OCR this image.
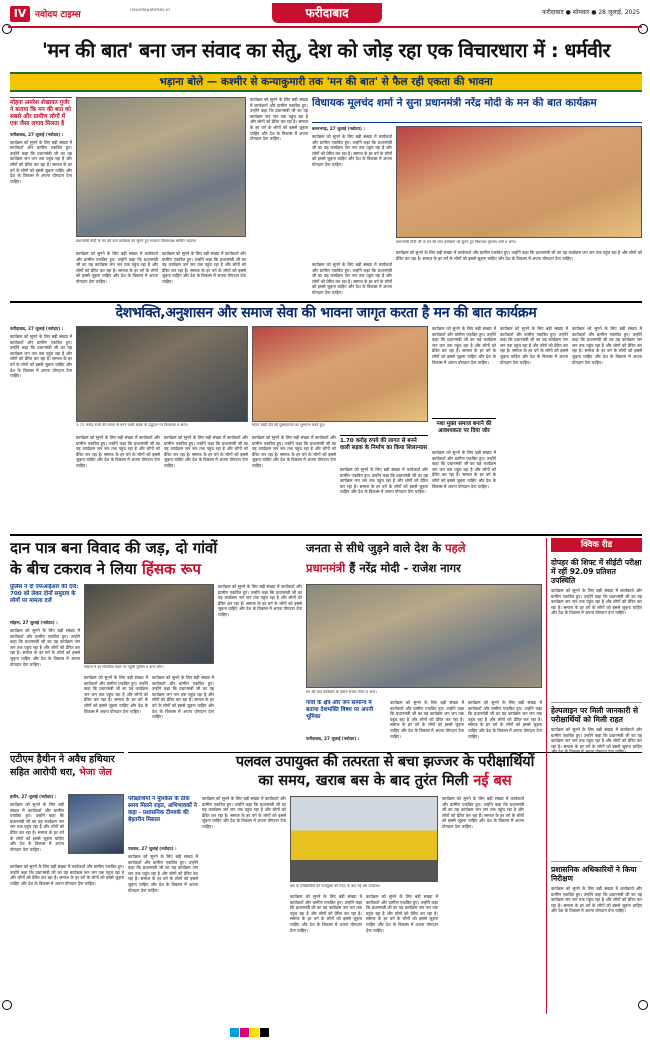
IV नवोदय टाइम्स	navodayatimes.in	फरीदाबाद	फरीदाबाद ● सोमवार ● 28 जुलाई, 2025
'मन की बात' बना जन संवाद का सेतु, देश को जोड़ रहा एक विचारधारा में : धर्मवीर
भड़ाना बोले — कश्मीर से कन्याकुमारी तक 'मन की बात' से फैल रही एकता की भावना
मोहना अमरेश शेखावत गुर्जर ने बताया कि मन की बात को सबसे और ग्रामीण लोगों में एक जैसा लगाव मिलता है
फरीदाबाद, 27 जुलाई (नवोदय) :
कार्यक्रम को सुनने के लिए बड़ी संख्या में कार्यकर्ता और ग्रामीण एकत्रित हुए। उन्होंने कहा कि प्रधानमंत्री जी का यह कार्यक्रम जन जन तक पहुंच रहा है और लोगों को प्रेरित कर रहा है। समाज के हर वर्ग के लोगों को इससे जुड़ना चाहिए और देश के विकास में अपना योगदान देना चाहिए।
प्रधानमंत्री मोदी के मन की बात कार्यक्रम को सुनते हुए भाजपा जिलाध्यक्ष धर्मवीर भड़ाना।
कार्यक्रम को सुनने के लिए बड़ी संख्या में कार्यकर्ता और ग्रामीण एकत्रित हुए। उन्होंने कहा कि प्रधानमंत्री जी का यह कार्यक्रम जन जन तक पहुंच रहा है और लोगों को प्रेरित कर रहा है। समाज के हर वर्ग के लोगों को इससे जुड़ना चाहिए और देश के विकास में अपना योगदान देना चाहिए।
कार्यक्रम को सुनने के लिए बड़ी संख्या में कार्यकर्ता और ग्रामीण एकत्रित हुए। उन्होंने कहा कि प्रधानमंत्री जी का यह कार्यक्रम जन जन तक पहुंच रहा है और लोगों को प्रेरित कर रहा है। समाज के हर वर्ग के लोगों को इससे जुड़ना चाहिए और देश के विकास में अपना योगदान देना चाहिए।
कार्यक्रम को सुनने के लिए बड़ी संख्या में कार्यकर्ता और ग्रामीण एकत्रित हुए। उन्होंने कहा कि प्रधानमंत्री जी का यह कार्यक्रम जन जन तक पहुंच रहा है और लोगों को प्रेरित कर रहा है। समाज के हर वर्ग के लोगों को इससे जुड़ना चाहिए और देश के विकास में अपना योगदान देना चाहिए।
विधायक मूलचंद शर्मा ने सुना प्रधानमंत्री नरेंद्र मोदी के मन की बात कार्यक्रम
बल्लभगढ़, 27 जुलाई (नवोदय) :
कार्यक्रम को सुनने के लिए बड़ी संख्या में कार्यकर्ता और ग्रामीण एकत्रित हुए। उन्होंने कहा कि प्रधानमंत्री जी का यह कार्यक्रम जन जन तक पहुंच रहा है और लोगों को प्रेरित कर रहा है। समाज के हर वर्ग के लोगों को इससे जुड़ना चाहिए और देश के विकास में अपना योगदान देना चाहिए।
कार्यक्रम को सुनने के लिए बड़ी संख्या में कार्यकर्ता और ग्रामीण एकत्रित हुए। उन्होंने कहा कि प्रधानमंत्री जी का यह कार्यक्रम जन जन तक पहुंच रहा है और लोगों को प्रेरित कर रहा है। समाज के हर वर्ग के लोगों को इससे जुड़ना चाहिए और देश के विकास में अपना योगदान देना चाहिए।
प्रधानमंत्री मोदी जी के मन की बात कार्यक्रम को सुनते हुए विधायक मूलचंद शर्मा व अन्य।
कार्यक्रम को सुनने के लिए बड़ी संख्या में कार्यकर्ता और ग्रामीण एकत्रित हुए। उन्होंने कहा कि प्रधानमंत्री जी का यह कार्यक्रम जन जन तक पहुंच रहा है और लोगों को प्रेरित कर रहा है। समाज के हर वर्ग के लोगों को इससे जुड़ना चाहिए और देश के विकास में अपना योगदान देना चाहिए।
देशभक्ति,अनुशासन और समाज सेवा की भावना जागृत करता है मन की बात कार्यक्रम
फरीदाबाद, 27 जुलाई (नवोदय) :
कार्यक्रम को सुनने के लिए बड़ी संख्या में कार्यकर्ता और ग्रामीण एकत्रित हुए। उन्होंने कहा कि प्रधानमंत्री जी का यह कार्यक्रम जन जन तक पहुंच रहा है और लोगों को प्रेरित कर रहा है। समाज के हर वर्ग के लोगों को इससे जुड़ना चाहिए और देश के विकास में अपना योगदान देना चाहिए।
3.72 करोड़ रुपये की लागत से बनने वाली सड़क के उद्घाटन पर विधायक व अन्य।	मोहन खेड़ी दीप की पुस्तकालय का शुभारंभ करते हुए।
कार्यक्रम को सुनने के लिए बड़ी संख्या में कार्यकर्ता और ग्रामीण एकत्रित हुए। उन्होंने कहा कि प्रधानमंत्री जी का यह कार्यक्रम जन जन तक पहुंच रहा है और लोगों को प्रेरित कर रहा है। समाज के हर वर्ग के लोगों को इससे जुड़ना चाहिए और देश के विकास में अपना योगदान देना चाहिए।
कार्यक्रम को सुनने के लिए बड़ी संख्या में कार्यकर्ता और ग्रामीण एकत्रित हुए। उन्होंने कहा कि प्रधानमंत्री जी का यह कार्यक्रम जन जन तक पहुंच रहा है और लोगों को प्रेरित कर रहा है। समाज के हर वर्ग के लोगों को इससे जुड़ना चाहिए और देश के विकास में अपना योगदान देना चाहिए।
कार्यक्रम को सुनने के लिए बड़ी संख्या में कार्यकर्ता और ग्रामीण एकत्रित हुए। उन्होंने कहा कि प्रधानमंत्री जी का यह कार्यक्रम जन जन तक पहुंच रहा है और लोगों को प्रेरित कर रहा है। समाज के हर वर्ग के लोगों को इससे जुड़ना चाहिए और देश के विकास में अपना योगदान देना चाहिए।
1.70 करोड़ रुपये की लागत से बनने वाली सड़क के निर्माण का किया शिलान्यास
कार्यक्रम को सुनने के लिए बड़ी संख्या में कार्यकर्ता और ग्रामीण एकत्रित हुए। उन्होंने कहा कि प्रधानमंत्री जी का यह कार्यक्रम जन जन तक पहुंच रहा है और लोगों को प्रेरित कर रहा है। समाज के हर वर्ग के लोगों को इससे जुड़ना चाहिए और देश के विकास में अपना योगदान देना चाहिए।
कार्यक्रम को सुनने के लिए बड़ी संख्या में कार्यकर्ता और ग्रामीण एकत्रित हुए। उन्होंने कहा कि प्रधानमंत्री जी का यह कार्यक्रम जन जन तक पहुंच रहा है और लोगों को प्रेरित कर रहा है। समाज के हर वर्ग के लोगों को इससे जुड़ना चाहिए और देश के विकास में अपना योगदान देना चाहिए।
नशा मुक्त समाज बनाने की आवश्यकता पर दिया जोर
कार्यक्रम को सुनने के लिए बड़ी संख्या में कार्यकर्ता और ग्रामीण एकत्रित हुए। उन्होंने कहा कि प्रधानमंत्री जी का यह कार्यक्रम जन जन तक पहुंच रहा है और लोगों को प्रेरित कर रहा है। समाज के हर वर्ग के लोगों को इससे जुड़ना चाहिए और देश के विकास में अपना योगदान देना चाहिए।
कार्यक्रम को सुनने के लिए बड़ी संख्या में कार्यकर्ता और ग्रामीण एकत्रित हुए। उन्होंने कहा कि प्रधानमंत्री जी का यह कार्यक्रम जन जन तक पहुंच रहा है और लोगों को प्रेरित कर रहा है। समाज के हर वर्ग के लोगों को इससे जुड़ना चाहिए और देश के विकास में अपना योगदान देना चाहिए।
कार्यक्रम को सुनने के लिए बड़ी संख्या में कार्यकर्ता और ग्रामीण एकत्रित हुए। उन्होंने कहा कि प्रधानमंत्री जी का यह कार्यक्रम जन जन तक पहुंच रहा है और लोगों को प्रेरित कर रहा है। समाज के हर वर्ग के लोगों को इससे जुड़ना चाहिए और देश के विकास में अपना योगदान देना चाहिए।
दान पात्र बना विवाद की जड़, दो गांवों
के बीच टकराव ने लिया हिंसक रूप
पुलिस ने दो एफआईआर की दर्ज: 700 को लेकर दोनों समुदाय के लोगों पर मामला दर्ज
सोहना, 27 जुलाई (नवोदय) :
कार्यक्रम को सुनने के लिए बड़ी संख्या में कार्यकर्ता और ग्रामीण एकत्रित हुए। उन्होंने कहा कि प्रधानमंत्री जी का यह कार्यक्रम जन जन तक पहुंच रहा है और लोगों को प्रेरित कर रहा है। समाज के हर वर्ग के लोगों को इससे जुड़ना चाहिए और देश के विकास में अपना योगदान देना चाहिए।	सोहना में इन विवादित स्थल पर पहुंची पुलिस व अन्य लोग।
कार्यक्रम को सुनने के लिए बड़ी संख्या में कार्यकर्ता और ग्रामीण एकत्रित हुए। उन्होंने कहा कि प्रधानमंत्री जी का यह कार्यक्रम जन जन तक पहुंच रहा है और लोगों को प्रेरित कर रहा है। समाज के हर वर्ग के लोगों को इससे जुड़ना चाहिए और देश के विकास में अपना योगदान देना चाहिए।
कार्यक्रम को सुनने के लिए बड़ी संख्या में कार्यकर्ता और ग्रामीण एकत्रित हुए। उन्होंने कहा कि प्रधानमंत्री जी का यह कार्यक्रम जन जन तक पहुंच रहा है और लोगों को प्रेरित कर रहा है। समाज के हर वर्ग के लोगों को इससे जुड़ना चाहिए और देश के विकास में अपना योगदान देना चाहिए।
कार्यक्रम को सुनने के लिए बड़ी संख्या में कार्यकर्ता और ग्रामीण एकत्रित हुए। उन्होंने कहा कि प्रधानमंत्री जी का यह कार्यक्रम जन जन तक पहुंच रहा है और लोगों को प्रेरित कर रहा है। समाज के हर वर्ग के लोगों को इससे जुड़ना चाहिए और देश के विकास में अपना योगदान देना चाहिए।
एटीएम हैथीन ने अवैध हथियार
सहित आरोपी धरा, भेजा जेल
हथीन, 27 जुलाई (नवोदय) :
कार्यक्रम को सुनने के लिए बड़ी संख्या में कार्यकर्ता और ग्रामीण एकत्रित हुए। उन्होंने कहा कि प्रधानमंत्री जी का यह कार्यक्रम जन जन तक पहुंच रहा है और लोगों को प्रेरित कर रहा है। समाज के हर वर्ग के लोगों को इससे जुड़ना चाहिए और देश के विकास में अपना योगदान देना चाहिए।
कार्यक्रम को सुनने के लिए बड़ी संख्या में कार्यकर्ता और ग्रामीण एकत्रित हुए। उन्होंने कहा कि प्रधानमंत्री जी का यह कार्यक्रम जन जन तक पहुंच रहा है और लोगों को प्रेरित कर रहा है। समाज के हर वर्ग के लोगों को इससे जुड़ना चाहिए और देश के विकास में अपना योगदान देना चाहिए।
पलवल उपायुक्त की तत्परता से बचा झज्जर के परीक्षार्थियों
का समय, खराब बस के बाद तुरंत मिली नई बस
परीक्षार्थियों ने मुश्किल के ठीक समय मिलने राहत, अभिभावकों ने कहा - प्रशासनिक टीमवर्क की बेहतरीन मिसाल
पलवल, 27 जुलाई (नवोदय) :
कार्यक्रम को सुनने के लिए बड़ी संख्या में कार्यकर्ता और ग्रामीण एकत्रित हुए। उन्होंने कहा कि प्रधानमंत्री जी का यह कार्यक्रम जन जन तक पहुंच रहा है और लोगों को प्रेरित कर रहा है। समाज के हर वर्ग के लोगों को इससे जुड़ना चाहिए और देश के विकास में अपना योगदान देना चाहिए।
कार्यक्रम को सुनने के लिए बड़ी संख्या में कार्यकर्ता और ग्रामीण एकत्रित हुए। उन्होंने कहा कि प्रधानमंत्री जी का यह कार्यक्रम जन जन तक पहुंच रहा है और लोगों को प्रेरित कर रहा है। समाज के हर वर्ग के लोगों को इससे जुड़ना चाहिए और देश के विकास में अपना योगदान देना चाहिए।
बस के परीक्षार्थियों को उपायुक्त की मदद के बाद नई बस उपलब्ध।
कार्यक्रम को सुनने के लिए बड़ी संख्या में कार्यकर्ता और ग्रामीण एकत्रित हुए। उन्होंने कहा कि प्रधानमंत्री जी का यह कार्यक्रम जन जन तक पहुंच रहा है और लोगों को प्रेरित कर रहा है। समाज के हर वर्ग के लोगों को इससे जुड़ना चाहिए और देश के विकास में अपना योगदान देना चाहिए।
कार्यक्रम को सुनने के लिए बड़ी संख्या में कार्यकर्ता और ग्रामीण एकत्रित हुए। उन्होंने कहा कि प्रधानमंत्री जी का यह कार्यक्रम जन जन तक पहुंच रहा है और लोगों को प्रेरित कर रहा है। समाज के हर वर्ग के लोगों को इससे जुड़ना चाहिए और देश के विकास में अपना योगदान देना चाहिए।
कार्यक्रम को सुनने के लिए बड़ी संख्या में कार्यकर्ता और ग्रामीण एकत्रित हुए। उन्होंने कहा कि प्रधानमंत्री जी का यह कार्यक्रम जन जन तक पहुंच रहा है और लोगों को प्रेरित कर रहा है। समाज के हर वर्ग के लोगों को इससे जुड़ना चाहिए और देश के विकास में अपना योगदान देना चाहिए।
जनता से सीधे जुड़ने वाले देश के पहले
प्रधानमंत्री हैं नरेंद्र मोदी - राजेश नागर
मन की बात कार्यक्रम के दौरान राजेश नागर व अन्य।
गांवों के क्षेत्र और जन सामान्य में बताया देशभक्ति विषय पर अपनी भूमिका
फरीदाबाद, 27 जुलाई (नवोदय) :
कार्यक्रम को सुनने के लिए बड़ी संख्या में कार्यकर्ता और ग्रामीण एकत्रित हुए। उन्होंने कहा कि प्रधानमंत्री जी का यह कार्यक्रम जन जन तक पहुंच रहा है और लोगों को प्रेरित कर रहा है। समाज के हर वर्ग के लोगों को इससे जुड़ना चाहिए और देश के विकास में अपना योगदान देना चाहिए।
कार्यक्रम को सुनने के लिए बड़ी संख्या में कार्यकर्ता और ग्रामीण एकत्रित हुए। उन्होंने कहा कि प्रधानमंत्री जी का यह कार्यक्रम जन जन तक पहुंच रहा है और लोगों को प्रेरित कर रहा है। समाज के हर वर्ग के लोगों को इससे जुड़ना चाहिए और देश के विकास में अपना योगदान देना चाहिए।
क्विक रीड
दोपहर की शिफ्ट में सीईटी परीक्षा में रहीं 92.09 प्रतिशत उपस्थिति
कार्यक्रम को सुनने के लिए बड़ी संख्या में कार्यकर्ता और ग्रामीण एकत्रित हुए। उन्होंने कहा कि प्रधानमंत्री जी का यह कार्यक्रम जन जन तक पहुंच रहा है और लोगों को प्रेरित कर रहा है। समाज के हर वर्ग के लोगों को इससे जुड़ना चाहिए और देश के विकास में अपना योगदान देना चाहिए।
हेल्पलाइन पर मिली जानकारी से परीक्षार्थियों को मिली राहत
कार्यक्रम को सुनने के लिए बड़ी संख्या में कार्यकर्ता और ग्रामीण एकत्रित हुए। उन्होंने कहा कि प्रधानमंत्री जी का यह कार्यक्रम जन जन तक पहुंच रहा है और लोगों को प्रेरित कर रहा है। समाज के हर वर्ग के लोगों को इससे जुड़ना चाहिए और देश के विकास में अपना योगदान देना चाहिए।
प्रशासनिक अधिकारियों ने किया निरीक्षण
कार्यक्रम को सुनने के लिए बड़ी संख्या में कार्यकर्ता और ग्रामीण एकत्रित हुए। उन्होंने कहा कि प्रधानमंत्री जी का यह कार्यक्रम जन जन तक पहुंच रहा है और लोगों को प्रेरित कर रहा है। समाज के हर वर्ग के लोगों को इससे जुड़ना चाहिए और देश के विकास में अपना योगदान देना चाहिए।
